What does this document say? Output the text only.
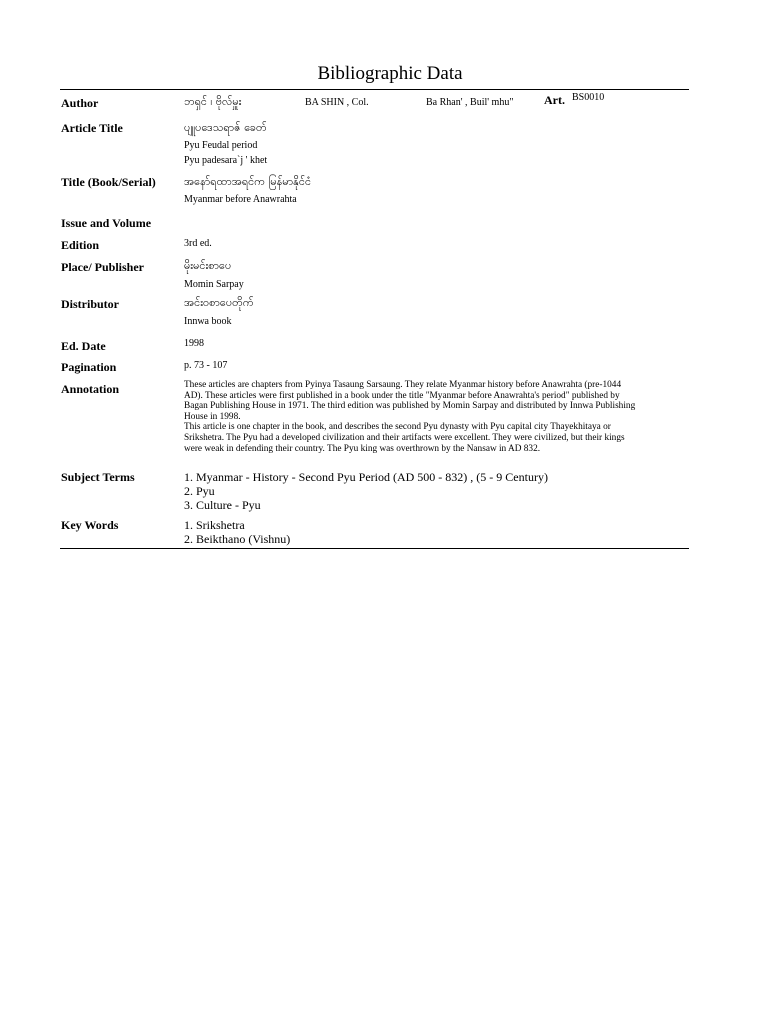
Bibliographic Data
Author	ဘရှင် ၊ ဗိုလ်မှူး	BA SHIN , Col.	Ba Rhan' , Buil' mhu"	Art. BS0010
Article Title	ပျူပဒေသရာဇ် ခေတ်
Pyu Feudal period
Pyu padesara`j ' khet
Title (Book/Serial)	အနော်ရထာအရင်က မြန်မာနိုင်ငံ
Myanmar before Anawrahta
Issue and Volume
Edition	3rd ed.
Place/ Publisher	မိုးမင်းစာပေ
Momin Sarpay
Distributor	အင်းဝစာပေတိုက်
Innwa book
Ed. Date	1998
Pagination	p. 73 - 107
Annotation	These articles are chapters from Pyinya Tasaung Sarsaung. They relate Myanmar history before Anawrahta (pre-1044
AD). These articles were first published in a book under the title "Myanmar before Anawrahta's period" published by
Bagan Publishing House in 1971. The third edition was published by Momin Sarpay and distributed by Innwa Publishing
House in 1998.
This article is one chapter in the book, and describes the second Pyu dynasty with Pyu capital city Thayekhitaya or
Srikshetra. The Pyu had a developed civilization and their artifacts were excellent. They were civilized, but their kings
were weak in defending their country. The Pyu king was overthrown by the Nansaw in AD 832.
Subject Terms	1. Myanmar - History - Second Pyu Period (AD 500 - 832) , (5 - 9 Century)
2. Pyu
3. Culture - Pyu
Key Words	1. Srikshetra
2. Beikthano (Vishnu)
